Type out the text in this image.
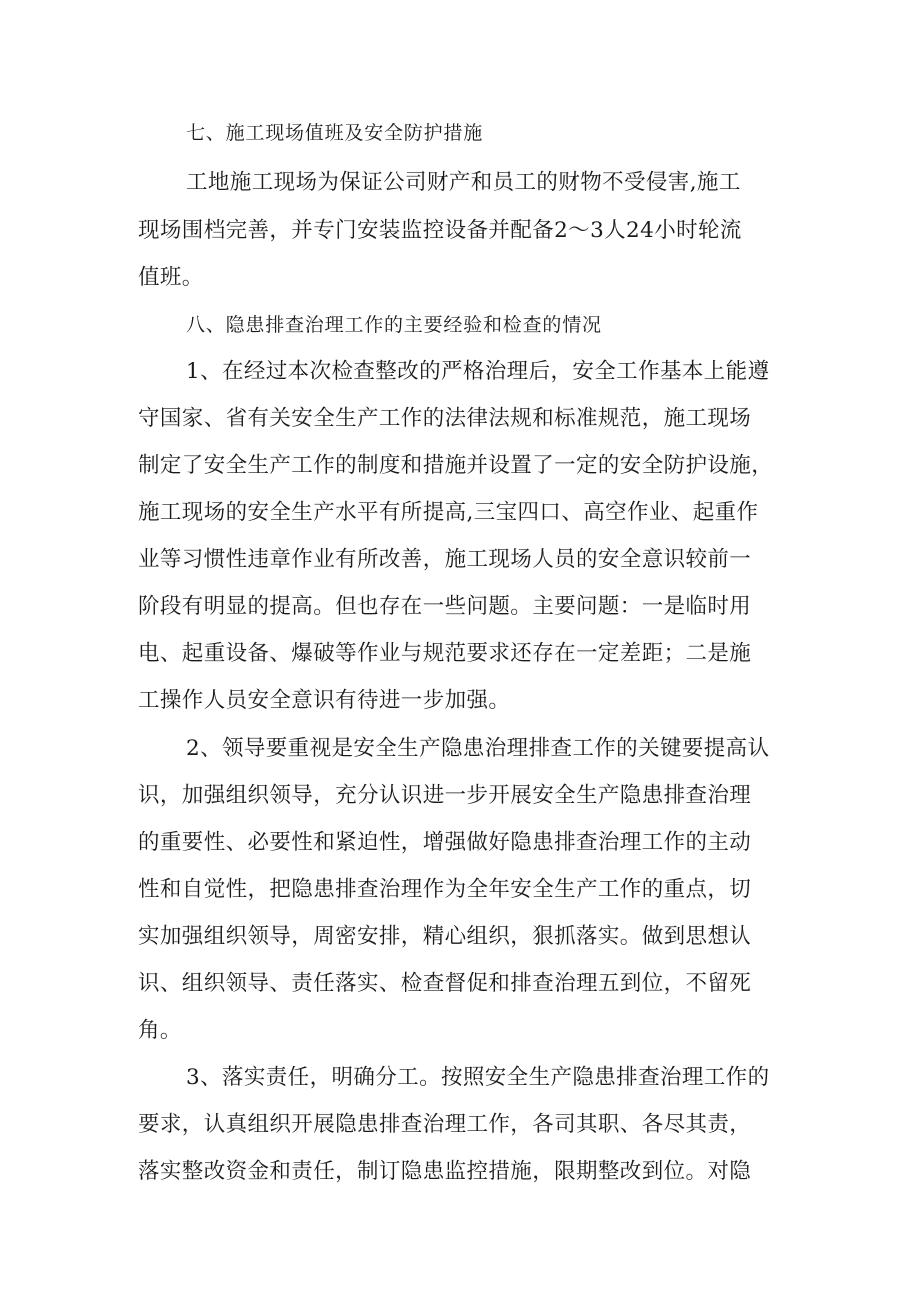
七、施工现场值班及安全防护措施
工地施工现场为保证公司财产和员工的财物不受侵害,施工
现场围档完善，并专门安装监控设备并配备2～3人24小时轮流
值班。
八、隐患排查治理工作的主要经验和检查的情况
1、在经过本次检查整改的严格治理后，安全工作基本上能遵
守国家、省有关安全生产工作的法律法规和标准规范，施工现场
制定了安全生产工作的制度和措施并设置了一定的安全防护设施，
施工现场的安全生产水平有所提高,三宝四口、高空作业、起重作
业等习惯性违章作业有所改善，施工现场人员的安全意识较前一
阶段有明显的提高。但也存在一些问题。主要问题：一是临时用
电、起重设备、爆破等作业与规范要求还存在一定差距；二是施
工操作人员安全意识有待进一步加强。
2、领导要重视是安全生产隐患治理排查工作的关键要提高认
识，加强组织领导，充分认识进一步开展安全生产隐患排查治理
的重要性、必要性和紧迫性，增强做好隐患排查治理工作的主动
性和自觉性，把隐患排查治理作为全年安全生产工作的重点，切
实加强组织领导，周密安排，精心组织，狠抓落实。做到思想认
识、组织领导、责任落实、检查督促和排查治理五到位，不留死
角。
3、落实责任，明确分工。按照安全生产隐患排查治理工作的
要求，认真组织开展隐患排查治理工作，各司其职、各尽其责，
落实整改资金和责任，制订隐患监控措施，限期整改到位。对隐
